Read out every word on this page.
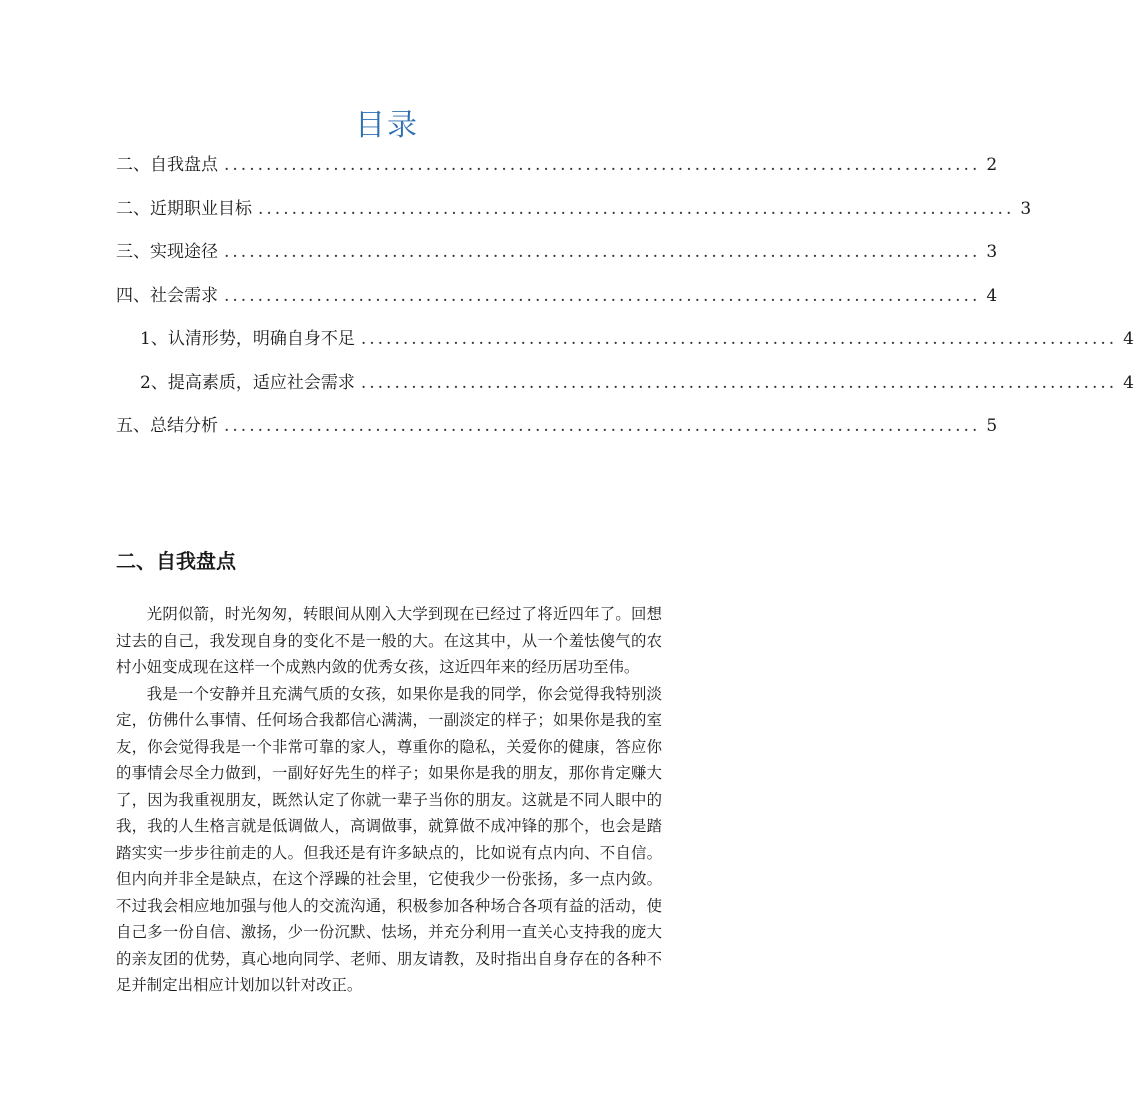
目录
二、自我盘点 .......................................................................................... 2
二、近期职业目标 .......................................................................................... 3
三、实现途径 .......................................................................................... 3
四、社会需求 .......................................................................................... 4
1、认清形势，明确自身不足 .......................................................................................... 4
2、提高素质，适应社会需求 .......................................................................................... 4
五、总结分析 .......................................................................................... 5
二、自我盘点

光阴似箭，时光匆匆，转眼间从刚入大学到现在已经过了将近四年了。回想过去的自己，我发现自身的变化不是一般的大。在这其中，从一个羞怯傻气的农村小妞变成现在这样一个成熟内敛的优秀女孩，这近四年来的经历居功至伟。

我是一个安静并且充满气质的女孩，如果你是我的同学，你会觉得我特别淡定，仿佛什么事情、任何场合我都信心满满，一副淡定的样子；如果你是我的室友，你会觉得我是一个非常可靠的家人，尊重你的隐私，关爱你的健康，答应你的事情会尽全力做到，一副好好先生的样子；如果你是我的朋友，那你肯定赚大了，因为我重视朋友，既然认定了你就一辈子当你的朋友。这就是不同人眼中的我，我的人生格言就是低调做人，高调做事，就算做不成冲锋的那个，也会是踏踏实实一步步往前走的人。但我还是有许多缺点的，比如说有点内向、不自信。但内向并非全是缺点，在这个浮躁的社会里，它使我少一份张扬，多一点内敛。不过我会相应地加强与他人的交流沟通，积极参加各种场合各项有益的活动，使自己多一份自信、激扬，少一份沉默、怯场，并充分利用一直关心支持我的庞大的亲友团的优势，真心地向同学、老师、朋友请教，及时指出自身存在的各种不足并制定出相应计划加以针对改正。
